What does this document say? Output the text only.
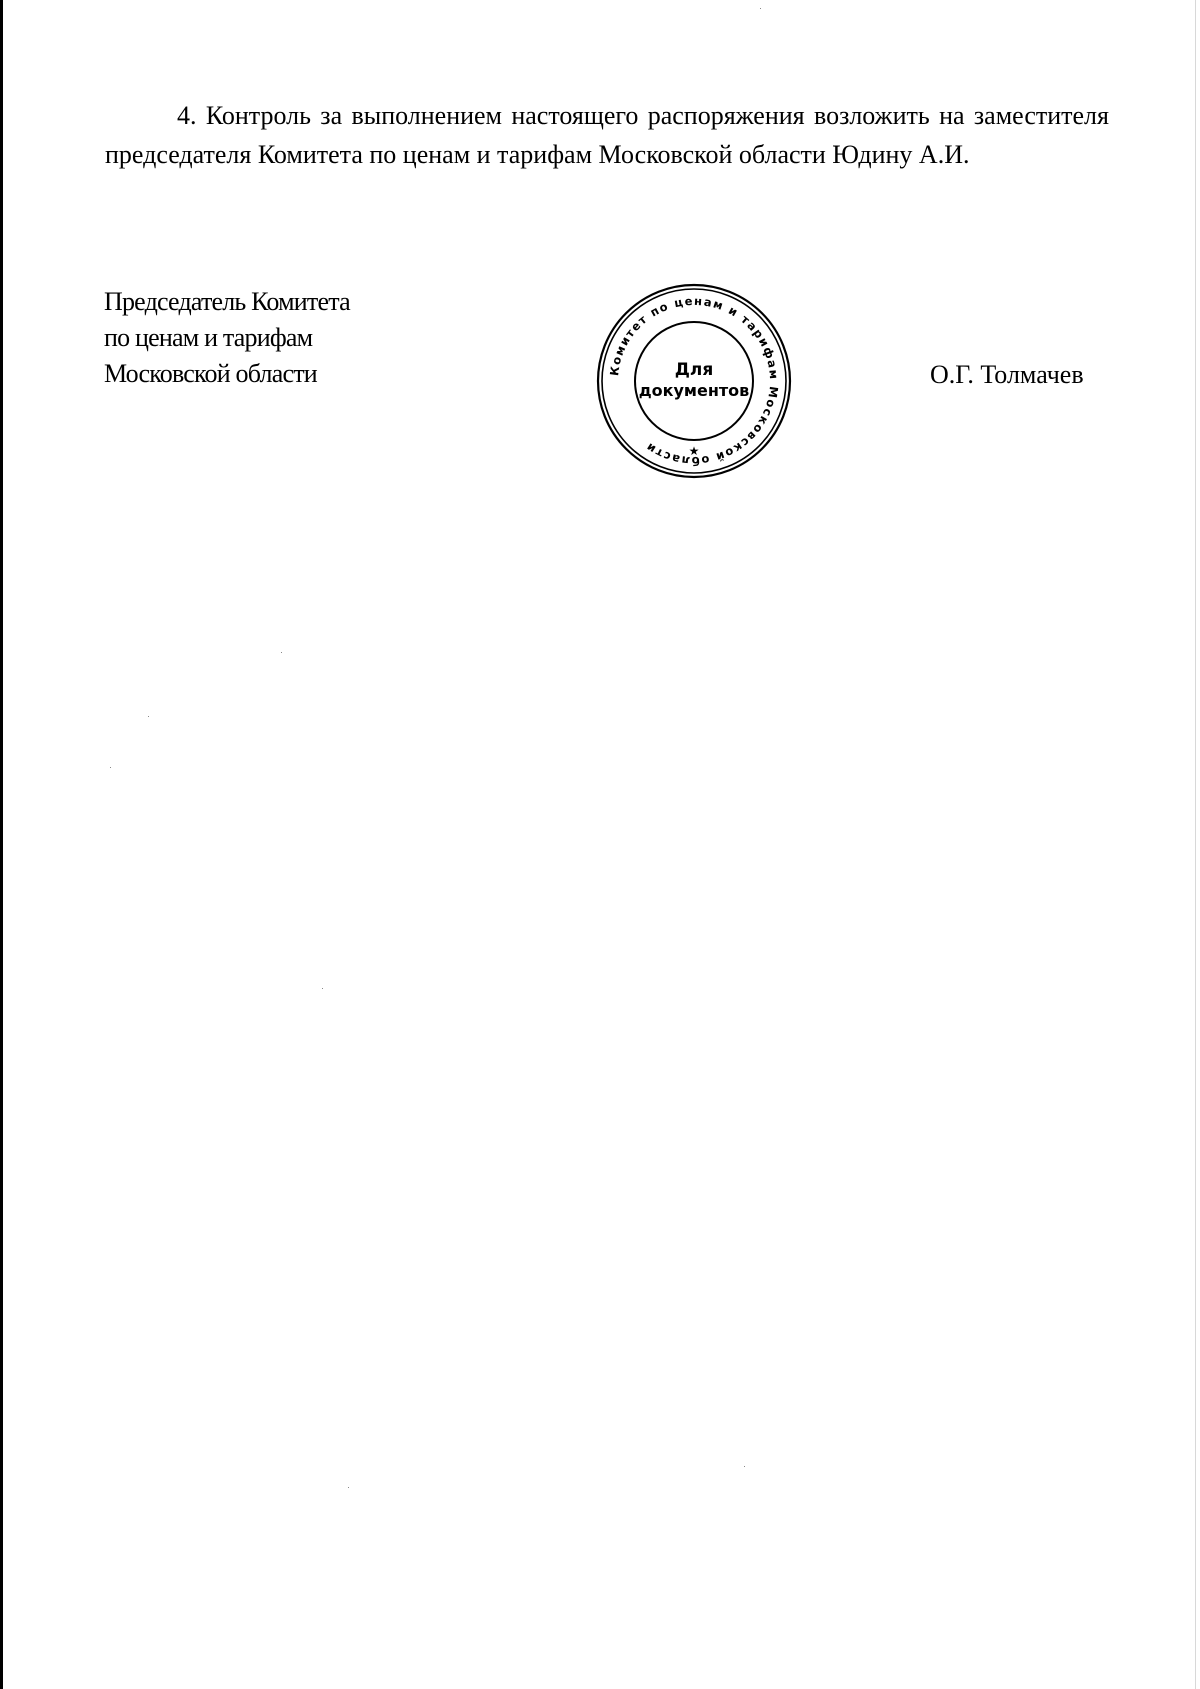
4. Контроль за выполнением настоящего распоряжения возложить на заместителя председателя Комитета по ценам и тарифам Московской области Юдину А.И.

Председатель Комитета
по ценам и тарифам
Московской области	Комитет по ценам и тарифам Московской области	★
Для
документов
О.Г. Толмачев
